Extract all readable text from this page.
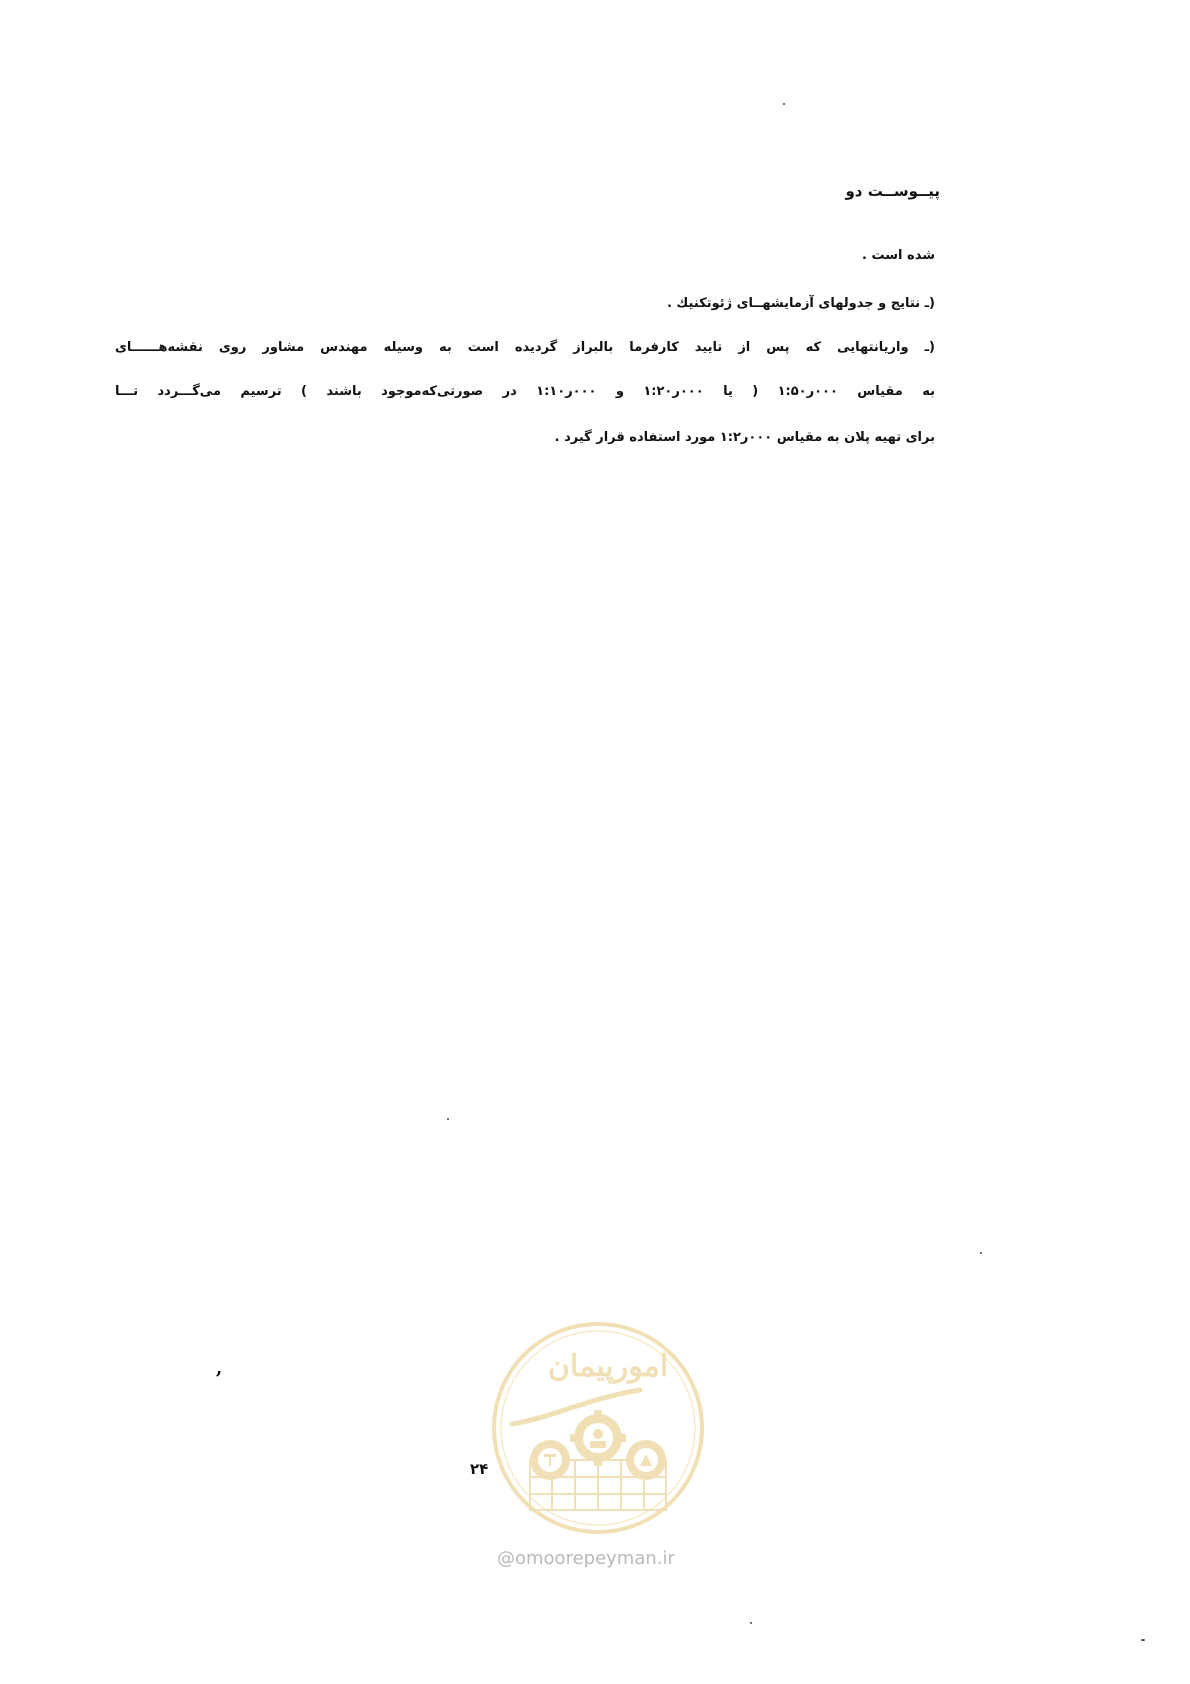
پیــوســت دو
شده است .
(ـ نتایج و جدولهای آزمایشهــای ژئوتکنیك .
(ـ واریانتهایی که پس از تایید کارفرما بالبراز گردیده است به وسیله مهندس مشاور روی نقشه‌هــــــای
به مقیاس ۰۰۰ر۱:۵۰ ( یا ۰۰۰ر۱:۲۰ و ۰۰۰ر۱:۱۰ در صورتی‌که‌موجود باشند ) ترسیم می‌گـــردد تـــا
برای تهیه پلان به مقیاس ۰۰۰ر۱:۲ مورد استفاده قرار گیرد .
,	امورپیمان
۲۴
@omoorepeyman.ir
